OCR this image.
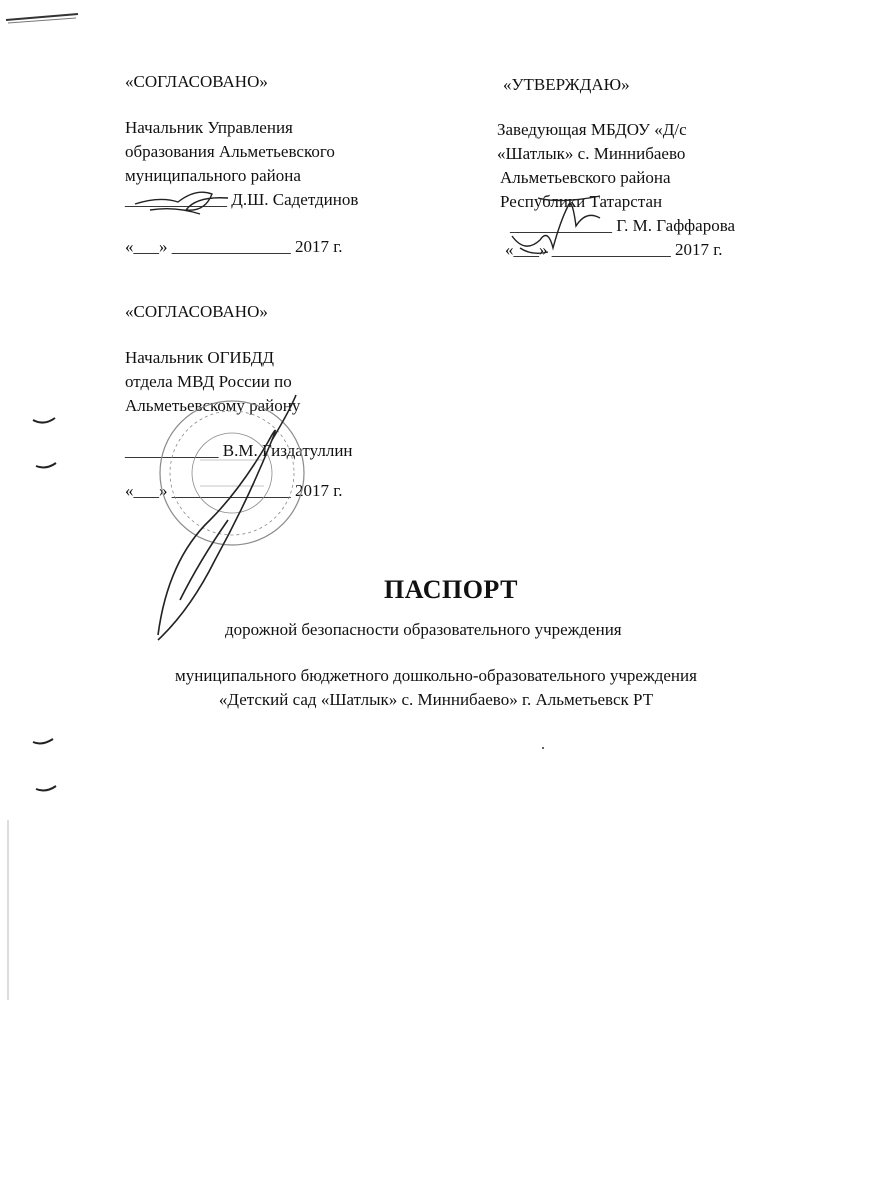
«СОГЛАСОВАНО»
Начальник Управления
образования Альметьевского
муниципального района
____________ Д.Ш. Садетдинов
«___» ______________ 2017 г.
«УТВЕРЖДАЮ»
Заведующая МБДОУ «Д/с
«Шатлык» с. Миннибаево
Альметьевского района
Республики Татарстан
____________ Г. М. Гаффарова
«___» ______________ 2017 г.
«СОГЛАСОВАНО»
Начальник ОГИБДД
отдела МВД России по
Альметьевскому району
___________ В.М. Гиздатуллин
«___» ______________ 2017 г.
ПАСПОРТ
дорожной безопасности образовательного учреждения
муниципального бюджетного дошкольно-образовательного учреждения
«Детский сад «Шатлык» с. Миннибаево» г. Альметьевск РТ
